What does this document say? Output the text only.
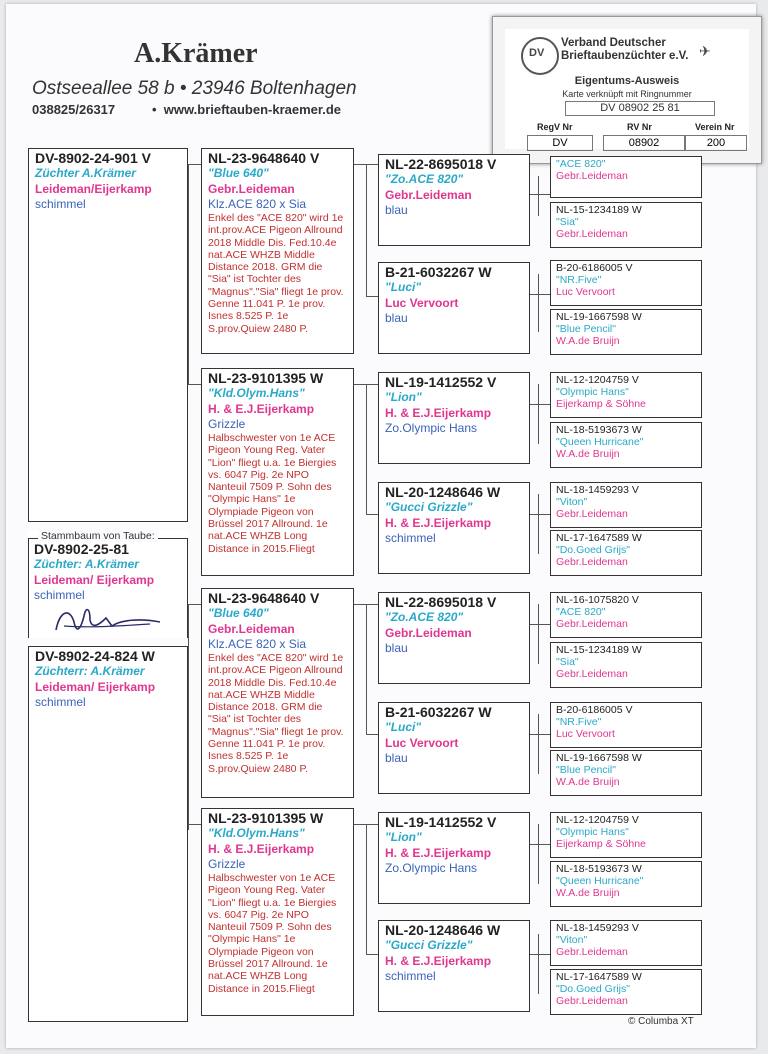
A.Krämer
Ostseeallee 58 b • 23946 Boltenhagen
038825/26317	• www.brieftauben-kraemer.de
DV	✈
Verband Deutscher
Brieftaubenzüchter e.V.
Eigentums-Ausweis
Karte verknüpft mit Ringnummer
DV 08902 25 81
RegV Nr	RV Nr	Verein Nr
DV	08902	200
DV-8902-24-901 V
Züchter A.Krämer
Leideman/Eijerkamp
schimmel
Stammbaum von Taube:
DV-8902-25-81
Züchter: A.Krämer
Leideman/ Eijerkamp
schimmel
DV-8902-24-824 W
Züchterr: A.Krämer
Leideman/ Eijerkamp
schimmel
NL-23-9648640 V
"Blue 640"
Gebr.Leideman
Klz.ACE 820 x Sia
Enkel des "ACE 820" wird 1e int.prov.ACE Pigeon Allround 2018 Middle Dis. Fed.10.4e nat.ACE WHZB Middle Distance 2018. GRM die "Sia" ist Tochter des "Magnus"."Sia" fliegt 1e prov. Genne 11.041 P. 1e prov. Isnes 8.525 P. 1e S.prov.Quiew 2480 P.
NL-23-9101395 W
"Kld.Olym.Hans"
H. & E.J.Eijerkamp
Grizzle
Halbschwester von 1e ACE Pigeon Young Reg. Vater "Lion" fliegt u.a. 1e Biergies vs. 6047 Pig. 2e NPO Nanteuil 7509 P. Sohn des "Olympic Hans" 1e Olympiade Pigeon von Brüssel 2017 Allround. 1e nat.ACE WHZB Long Distance in 2015.Fliegt
NL-23-9648640 V
"Blue 640"
Gebr.Leideman
Klz.ACE 820 x Sia
Enkel des "ACE 820" wird 1e int.prov.ACE Pigeon Allround 2018 Middle Dis. Fed.10.4e nat.ACE WHZB Middle Distance 2018. GRM die "Sia" ist Tochter des "Magnus"."Sia" fliegt 1e prov. Genne 11.041 P. 1e prov. Isnes 8.525 P. 1e S.prov.Quiew 2480 P.
NL-23-9101395 W
"Kld.Olym.Hans"
H. & E.J.Eijerkamp
Grizzle
Halbschwester von 1e ACE Pigeon Young Reg. Vater "Lion" fliegt u.a. 1e Biergies vs. 6047 Pig. 2e NPO Nanteuil 7509 P. Sohn des "Olympic Hans" 1e Olympiade Pigeon von Brüssel 2017 Allround. 1e nat.ACE WHZB Long Distance in 2015.Fliegt
NL-22-8695018 V
"Zo.ACE 820"
Gebr.Leideman
blau
B-21-6032267 W
"Luci"
Luc Vervoort
blau
NL-19-1412552 V
"Lion"
H. & E.J.Eijerkamp
Zo.Olympic Hans
NL-20-1248646 W
"Gucci Grizzle"
H. & E.J.Eijerkamp
schimmel
NL-22-8695018 V
"Zo.ACE 820"
Gebr.Leideman
blau
B-21-6032267 W
"Luci"
Luc Vervoort
blau
NL-19-1412552 V
"Lion"
H. & E.J.Eijerkamp
Zo.Olympic Hans
NL-20-1248646 W
"Gucci Grizzle"
H. & E.J.Eijerkamp
schimmel
"ACE 820"
Gebr.Leideman
NL-15-1234189 W
"Sia"
Gebr.Leideman
B-20-6186005 V
"NR.Five"
Luc Vervoort
NL-19-1667598 W
"Blue Pencil"
W.A.de Bruijn
NL-12-1204759 V
"Olympic Hans"
Eijerkamp & Söhne
NL-18-5193673 W
"Queen Hurricane"
W.A.de Bruijn
NL-18-1459293 V
"Viton"
Gebr.Leideman
NL-17-1647589 W
"Do.Goed Grijs"
Gebr.Leideman
NL-16-1075820 V
"ACE 820"
Gebr.Leideman
NL-15-1234189 W
"Sia"
Gebr.Leideman
B-20-6186005 V
"NR.Five"
Luc Vervoort
NL-19-1667598 W
"Blue Pencil"
W.A.de Bruijn
NL-12-1204759 V
"Olympic Hans"
Eijerkamp & Söhne
NL-18-5193673 W
"Queen Hurricane"
W.A.de Bruijn
NL-18-1459293 V
"Viton"
Gebr.Leideman
NL-17-1647589 W
"Do.Goed Grijs"
Gebr.Leideman
© Columba XT
